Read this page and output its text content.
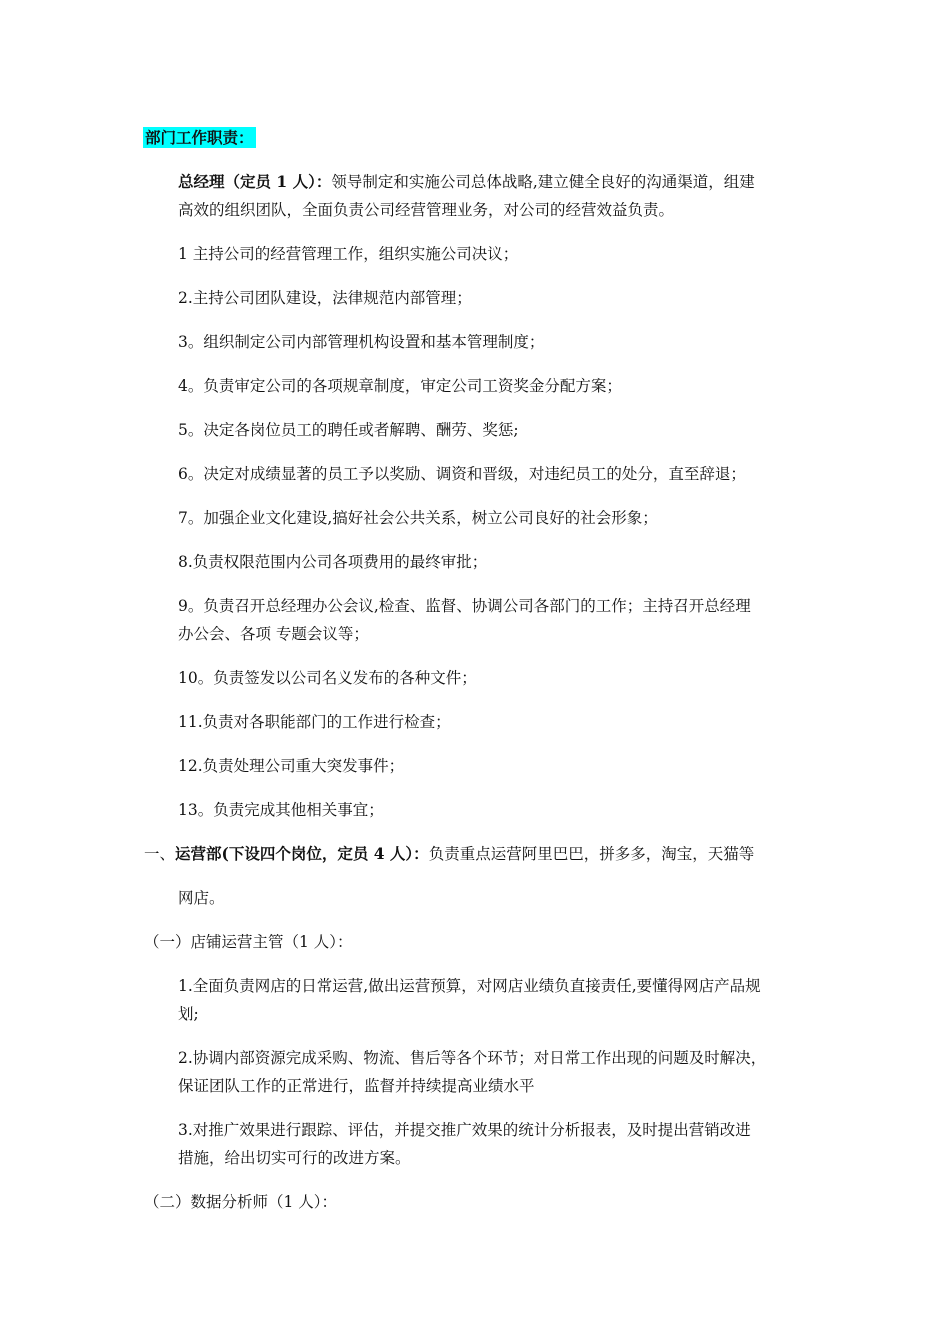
部门工作职责：
总经理（定员 1 人）：领导制定和实施公司总体战略,建立健全良好的沟通渠道，组建
高效的组织团队，全面负责公司经营管理业务，对公司的经营效益负责。
1 主持公司的经营管理工作，组织实施公司决议；
2.主持公司团队建设，法律规范内部管理；
3。组织制定公司内部管理机构设置和基本管理制度；
4。负责审定公司的各项规章制度，审定公司工资奖金分配方案；
5。决定各岗位员工的聘任或者解聘、酬劳、奖惩;
6。决定对成绩显著的员工予以奖励、调资和晋级，对违纪员工的处分，直至辞退；
7。加强企业文化建设,搞好社会公共关系，树立公司良好的社会形象；
8.负责权限范围内公司各项费用的最终审批；
9。负责召开总经理办公会议,检查、监督、协调公司各部门的工作；主持召开总经理
办公会、各项 专题会议等；
10。负责签发以公司名义发布的各种文件；
11.负责对各职能部门的工作进行检查；
12.负责处理公司重大突发事件；
13。负责完成其他相关事宜；
一、运营部(下设四个岗位，定员 4 人）：负责重点运营阿里巴巴，拼多多，淘宝，天猫等
网店。
（一）店铺运营主管（1 人）：
1.全面负责网店的日常运营,做出运营预算，对网店业绩负直接责任,要懂得网店产品规
划;
2.协调内部资源完成采购、物流、售后等各个环节；对日常工作出现的问题及时解决，
保证团队工作的正常进行，监督并持续提高业绩水平
3.对推广效果进行跟踪、评估，并提交推广效果的统计分析报表，及时提出营销改进
措施，给出切实可行的改进方案。
（二）数据分析师（1 人）：
